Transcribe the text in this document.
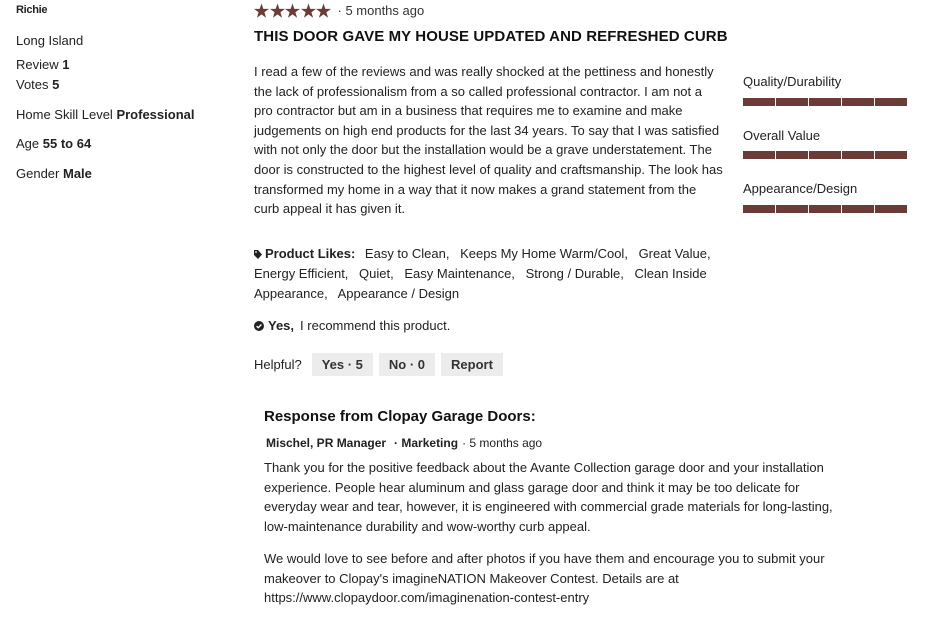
Richie
Long Island
Review 1
Votes 5
Home Skill Level Professional
Age 55 to 64
Gender Male
· 5 months ago
THIS DOOR GAVE MY HOUSE UPDATED AND REFRESHED CURB
I read a few of the reviews and was really shocked at the pettiness and honestly the lack of professionalism from a so called professional contractor. I am not a pro contractor but am in a business that requires me to examine and make judgements on high end products for the last 34 years. To say that I was satisfied with not only the door but the installation would be a grave understatement. The door is constructed to the highest level of quality and craftsmanship. The look has transformed my home in a way that it now makes a grand statement from the curb appeal it has given it.
Quality/Durability
Overall Value
Appearance/Design
Product Likes: Easy to Clean, Keeps My Home Warm/Cool, Great Value, Energy Efficient, Quiet, Easy Maintenance, Strong / Durable, Clean Inside Appearance, Appearance / Design
Yes, I recommend this product.
Helpful?	Yes · 5	No · 0	Report
Response from Clopay Garage Doors:
Mischel, PR Manager · Marketing · 5 months ago
Thank you for the positive feedback about the Avante Collection garage door and your installation experience. People hear aluminum and glass garage door and think it may be too delicate for everyday wear and tear, however, it is engineered with commercial grade materials for long-lasting, low-maintenance durability and wow-worthy curb appeal.
We would love to see before and after photos if you have them and encourage you to submit your makeover to Clopay's imagineNATION Makeover Contest. Details are at https://www.clopaydoor.com/imaginenation-contest-entry
